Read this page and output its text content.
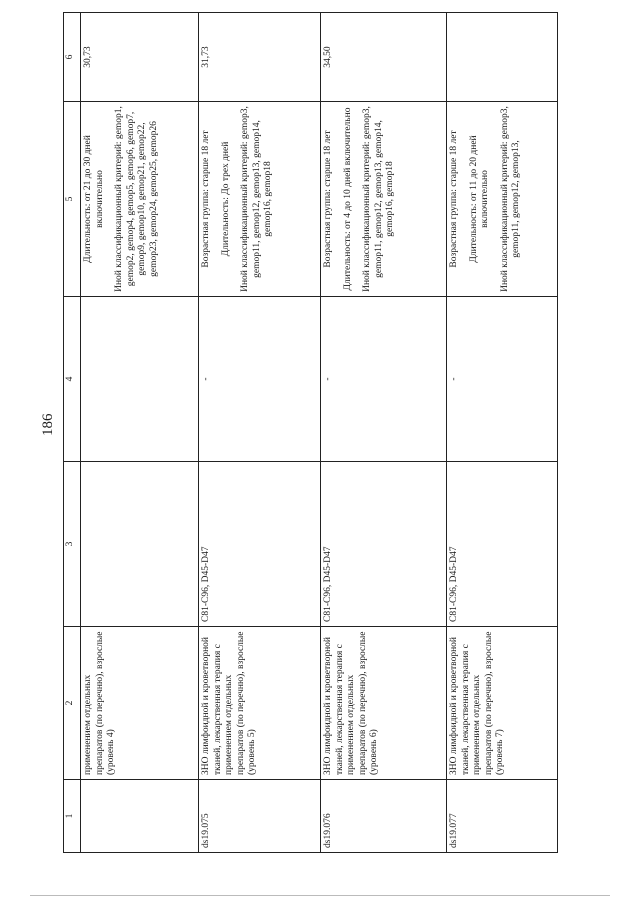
186
1	2	3	4	5	6
	применением отдельных препаратов (по перечню), взрослые (уровень 4)			Длительность: от 21 до 30 дней включительно Иной классификационный критерий: gemop1, gemop2, gemop4, gemop5, gemop6, gemop7, gemop9, gemop10, gemop21, gemop22, gemop23, gemop24, gemop25, gemop26	30,73
ds19.075	ЗНО лимфоидной и кроветворной тканей, лекарственная терапия с применением отдельных препаратов (по перечню), взрослые (уровень 5)	C81-C96, D45-D47	-	Возрастная группа: старше 18 лет Длительность: До трех дней Иной классификационный критерий: gemop3, gemop11, gemop12, gemop13, gemop14, gemop16, gemop18	31,73
ds19.076	ЗНО лимфоидной и кроветворной тканей, лекарственная терапия с применением отдельных препаратов (по перечню), взрослые (уровень 6)	C81-C96, D45-D47	-	Возрастная группа: старше 18 лет Длительность: от 4 до 10 дней включительно Иной классификационный критерий: gemop3, gemop11, gemop12, gemop13, gemop14, gemop16, gemop18	34,50
ds19.077	ЗНО лимфоидной и кроветворной тканей, лекарственная терапия с применением отдельных препаратов (по перечню), взрослые (уровень 7)	C81-C96, D45-D47	-	Возрастная группа: старше 18 лет Длительность: от 11 до 20 дней включительно Иной классификационный критерий: gemop3, gemop11, gemop12, gemop13,	
